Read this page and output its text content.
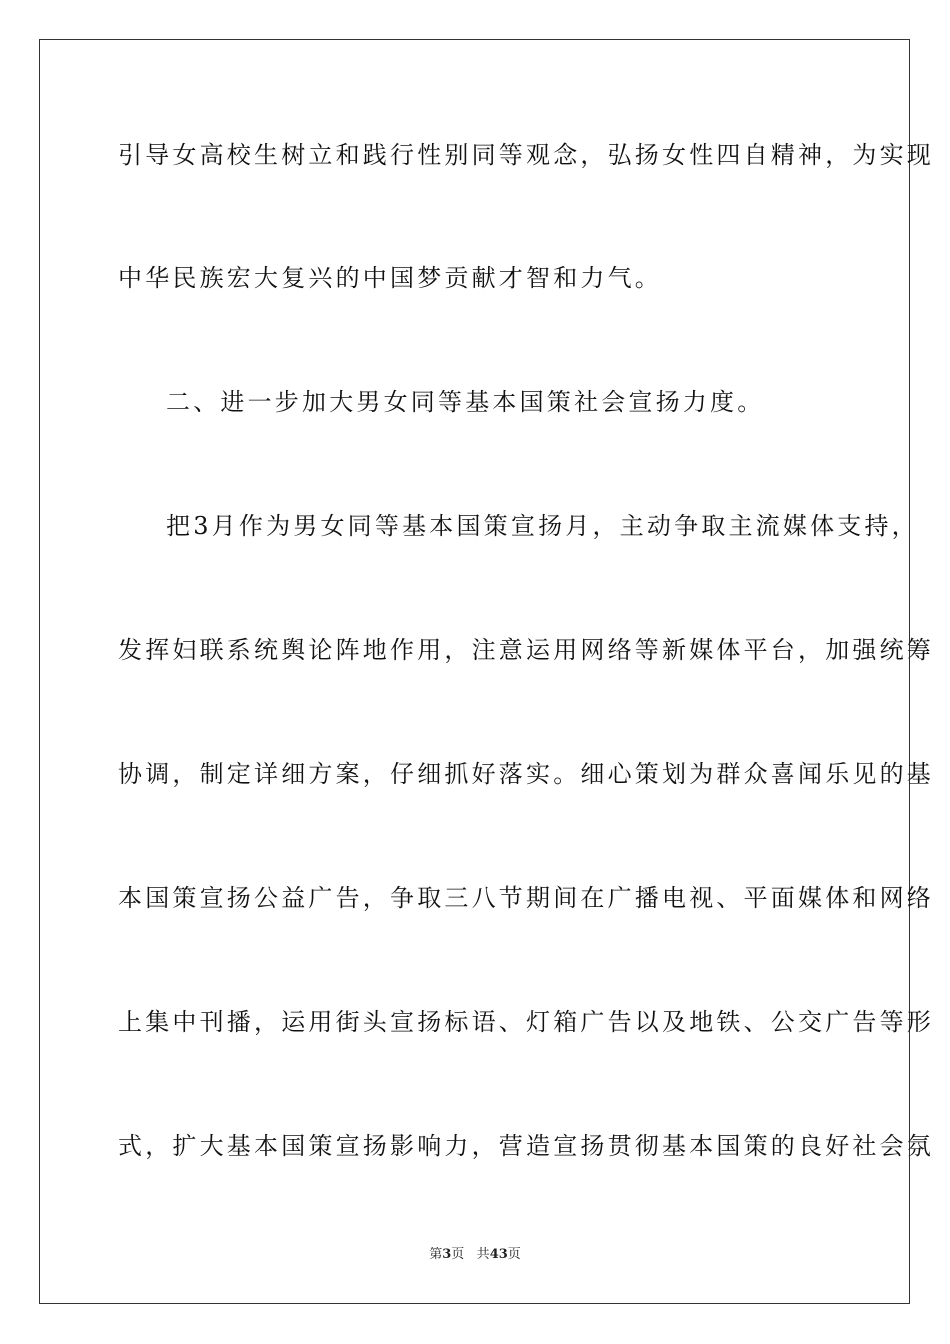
引导女高校生树立和践行性别同等观念，弘扬女性四自精神，为实现
中华民族宏大复兴的中国梦贡献才智和力气。
二、进一步加大男女同等基本国策社会宣扬力度。
把3月作为男女同等基本国策宣扬月，主动争取主流媒体支持，
发挥妇联系统舆论阵地作用，注意运用网络等新媒体平台，加强统筹
协调，制定详细方案，仔细抓好落实。细心策划为群众喜闻乐见的基
本国策宣扬公益广告，争取三八节期间在广播电视、平面媒体和网络
上集中刊播，运用街头宣扬标语、灯箱广告以及地铁、公交广告等形
式，扩大基本国策宣扬影响力，营造宣扬贯彻基本国策的良好社会氛
第3页 共43页
